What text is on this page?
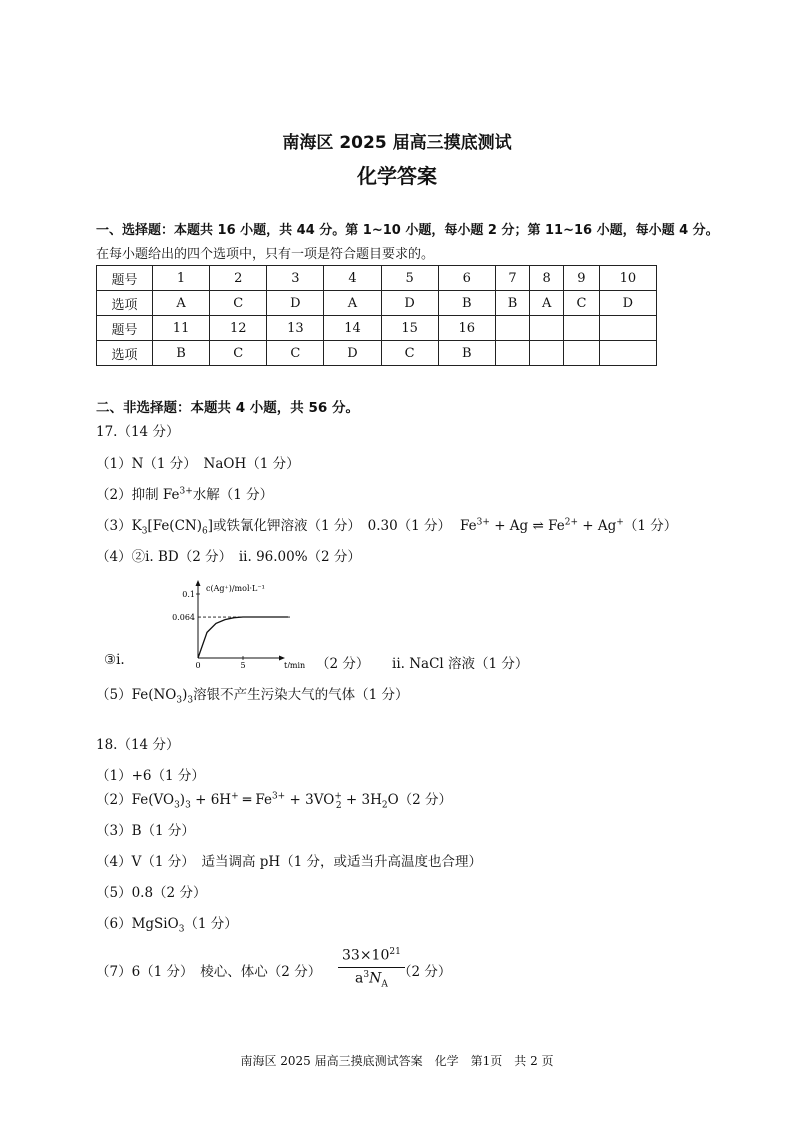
南海区 2025 届高三摸底测试
化学答案
一、选择题：本题共 16 小题，共 44 分。第 1~10 小题，每小题 2 分；第 11~16 小题，每小题 4 分。
在每小题给出的四个选项中，只有一项是符合题目要求的。
题号	1	2	3	4	5	6	7	8	9	10
选项	A	C	D	A	D	B	B	A	C	D
题号	11	12	13	14	15	16				
选项	B	C	C	D	C	B				
二、非选择题：本题共 4 小题，共 56 分。
17.（14 分）
（1）N（1 分）　NaOH（1 分）
（2）抑制 $Fe^{3+}$水解（1 分）
$(3)K_3[Fe(CN)_6]$或铁氰化钾溶液（1 分）　0.30（1 分） $Fe^{3+} + Ag$ ⇌ $Fe^{2+} + Ag^+(1$ 分）
（4）②i. BD（2 分）　ii. 96.00%（2 分）
c(Ag⁺)/mol·L⁻¹
0.1
0.064
0	5	t/min
③i.	（2 分） ii. NaCl 溶液（1 分）
$(5)Fe(NO_3)_3$溶银不产生污染大气的气体（1 分）
18.（14 分）
（1）+6（1 分）
$(2)Fe(VO_3)_3 + 6H^+$ ═ $Fe^{3+} + 3VO^+_2 + 3H_2O(2$ 分）
（3）B（1 分）
（4）V（1 分）　适当调高 pH（1 分，或适当升高温度也合理）
（5）0.8（2 分）
（6）MgSiO$_3$（1 分）
（7）6（1 分）　棱心、体心（2 分） $\frac{33\times 10^{21}}{a^3N_A}$
（2 分）
南海区 2025 届高三摸底测试答案　化学　第1页　共 2 页
